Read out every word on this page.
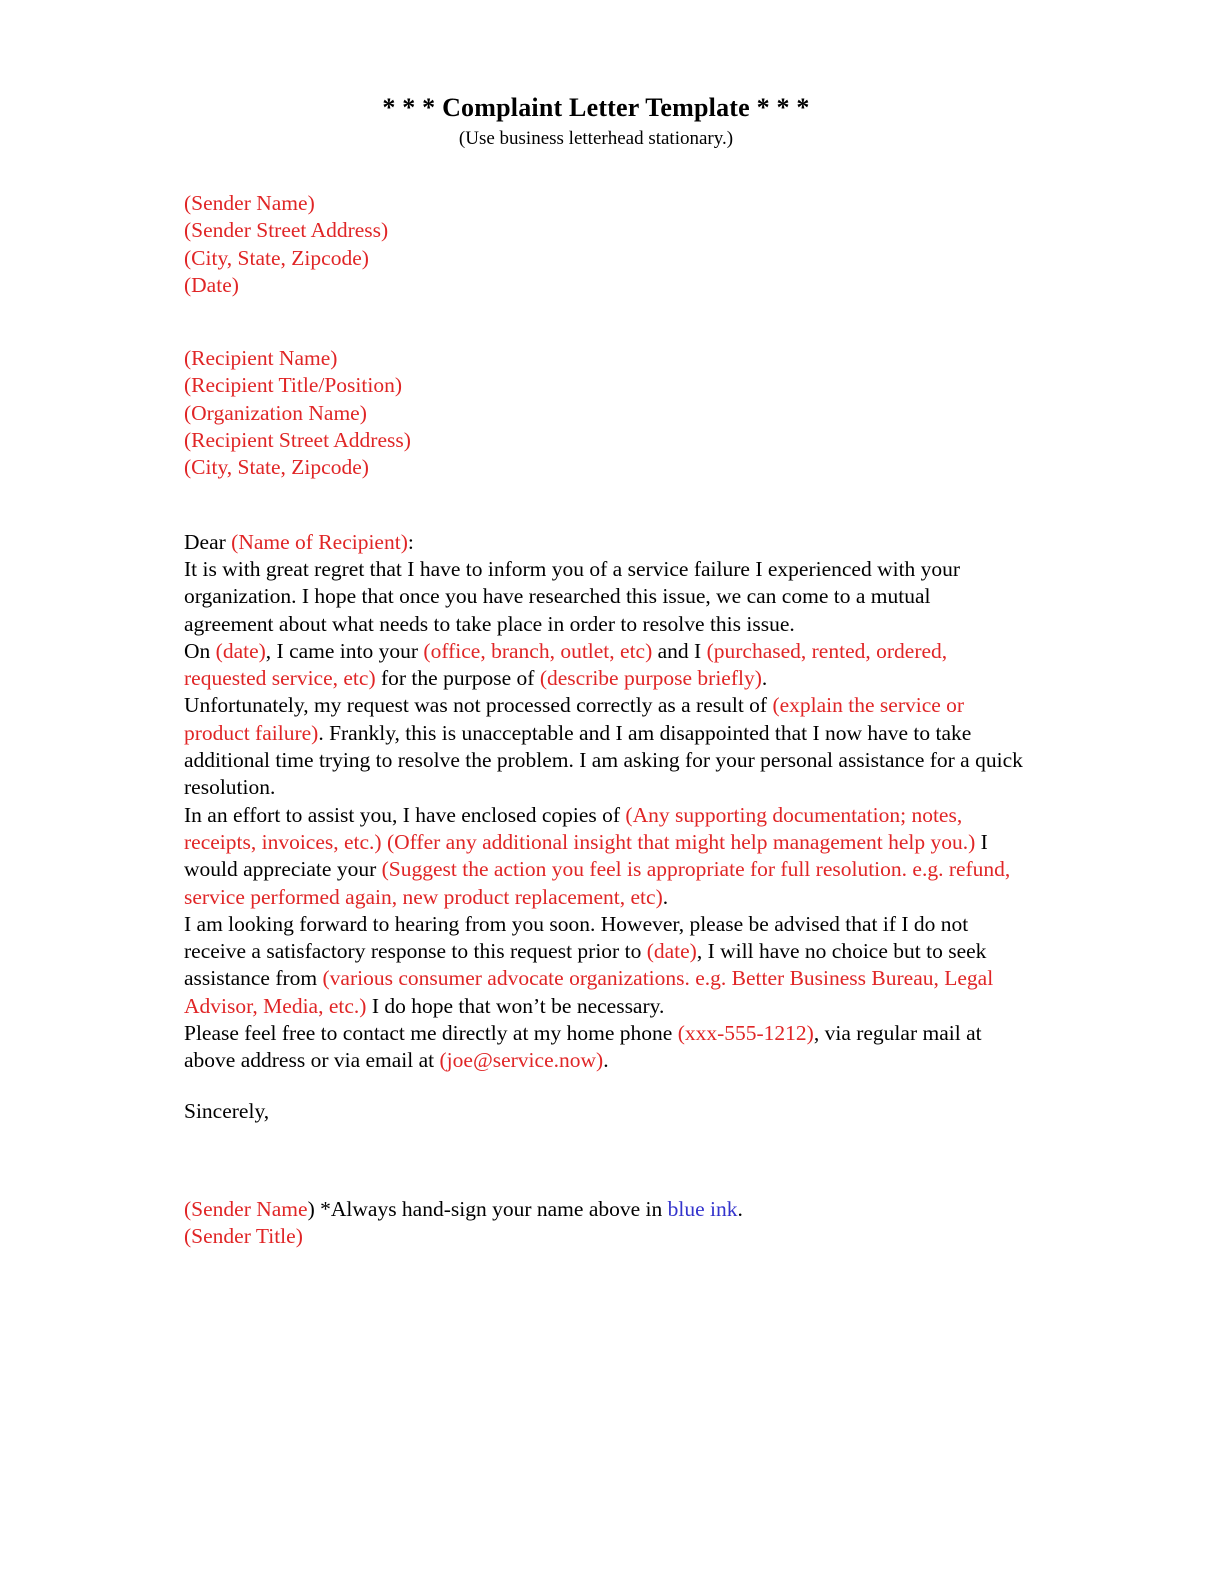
* * * Complaint Letter Template * * *
(Use business letterhead stationary.)
(Sender Name)
(Sender Street Address)
(City, State, Zipcode)
(Date)
(Recipient Name)
(Recipient Title/Position)
(Organization Name)
(Recipient Street Address)
(City, State, Zipcode)
Dear (Name of Recipient):

It is with great regret that I have to inform you of a service failure I experienced with your organization. I hope that once you have researched this issue, we can come to a mutual agreement about what needs to take place in order to resolve this issue.

On (date), I came into your (office, branch, outlet, etc) and I (purchased, rented, ordered, requested service, etc) for the purpose of (describe purpose briefly).

Unfortunately, my request was not processed correctly as a result of (explain the service or product failure). Frankly, this is unacceptable and I am disappointed that I now have to take additional time trying to resolve the problem. I am asking for your personal assistance for a quick resolution.

In an effort to assist you, I have enclosed copies of (Any supporting documentation; notes, receipts, invoices, etc.) (Offer any additional insight that might help management help you.) I would appreciate your (Suggest the action you feel is appropriate for full resolution. e.g. refund, service performed again, new product replacement, etc).

I am looking forward to hearing from you soon. However, please be advised that if I do not receive a satisfactory response to this request prior to (date), I will have no choice but to seek assistance from (various consumer advocate organizations. e.g. Better Business Bureau, Legal Advisor, Media, etc.) I do hope that won’t be necessary.

Please feel free to contact me directly at my home phone (xxx-555-1212), via regular mail at above address or via email at (joe@service.now).

Sincerely,
(Sender Name) *Always hand-sign your name above in blue ink.
(Sender Title)
